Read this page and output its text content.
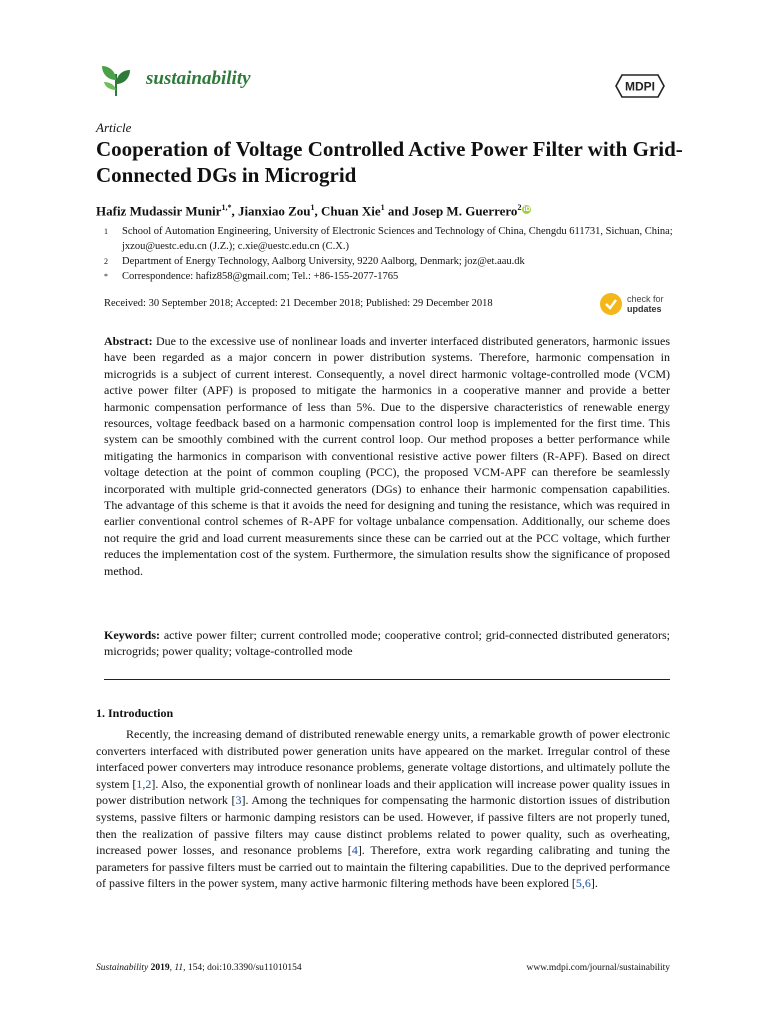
sustainability	MDPI
Article
Cooperation of Voltage Controlled Active Power Filter with Grid-Connected DGs in Microgrid
Hafiz Mudassir Munir$^{1,*}$, Jianxiao Zou$^1$, Chuan Xie$^1$ and Josep M. Guerrero$^2$ iD
1	School of Automation Engineering, University of Electronic Sciences and Technology of China, Chengdu 611731, Sichuan, China; jxzou@uestc.edu.cn (J.Z.); c.xie@uestc.edu.cn (C.X.)
2	Department of Energy Technology, Aalborg University, 9220 Aalborg, Denmark; joz@et.aau.dk
*	Correspondence: hafiz858@gmail.com; Tel.: +86-155-2077-1765
Received: 30 September 2018; Accepted: 21 December 2018; Published: 29 December 2018	check for
updates
Abstract: Due to the excessive use of nonlinear loads and inverter interfaced distributed generators, harmonic issues have been regarded as a major concern in power distribution systems. Therefore, harmonic compensation in microgrids is a subject of current interest. Consequently, a novel direct harmonic voltage-controlled mode (VCM) active power filter (APF) is proposed to mitigate the harmonics in a cooperative manner and provide a better harmonic compensation performance of less than 5%. Due to the dispersive characteristics of renewable energy resources, voltage feedback based on a harmonic compensation control loop is implemented for the first time. This system can be smoothly combined with the current control loop. Our method proposes a better performance while mitigating the harmonics in comparison with conventional resistive active power filters (R-APF). Based on direct voltage detection at the point of common coupling (PCC), the proposed VCM-APF can therefore be seamlessly incorporated with multiple grid-connected generators (DGs) to enhance their harmonic compensation capabilities. The advantage of this scheme is that it avoids the need for designing and tuning the resistance, which was required in earlier conventional control schemes of R-APF for voltage unbalance compensation. Additionally, our scheme does not require the grid and load current measurements since these can be carried out at the PCC voltage, which further reduces the implementation cost of the system. Furthermore, the simulation results show the significance of proposed method.
Keywords: active power filter; current controlled mode; cooperative control; grid-connected distributed generators; microgrids; power quality; voltage-controlled mode
1. Introduction
Recently, the increasing demand of distributed renewable energy units, a remarkable growth of power electronic converters interfaced with distributed power generation units have appeared on the market. Irregular control of these interfaced power converters may introduce resonance problems, generate voltage distortions, and ultimately pollute the system [1,2]. Also, the exponential growth of nonlinear loads and their application will increase power quality issues in power distribution network [3]. Among the techniques for compensating the harmonic distortion issues of distribution systems, passive filters or harmonic damping resistors can be used. However, if passive filters are not properly tuned, then the realization of passive filters may cause distinct problems related to power quality, such as overheating, increased power losses, and resonance problems [4]. Therefore, extra work regarding calibrating and tuning the parameters for passive filters must be carried out to maintain the filtering capabilities. Due to the deprived performance of passive filters in the power system, many active harmonic filtering methods have been explored [5,6].
Sustainability 2019, 11, 154; doi:10.3390/su11010154	www.mdpi.com/journal/sustainability
